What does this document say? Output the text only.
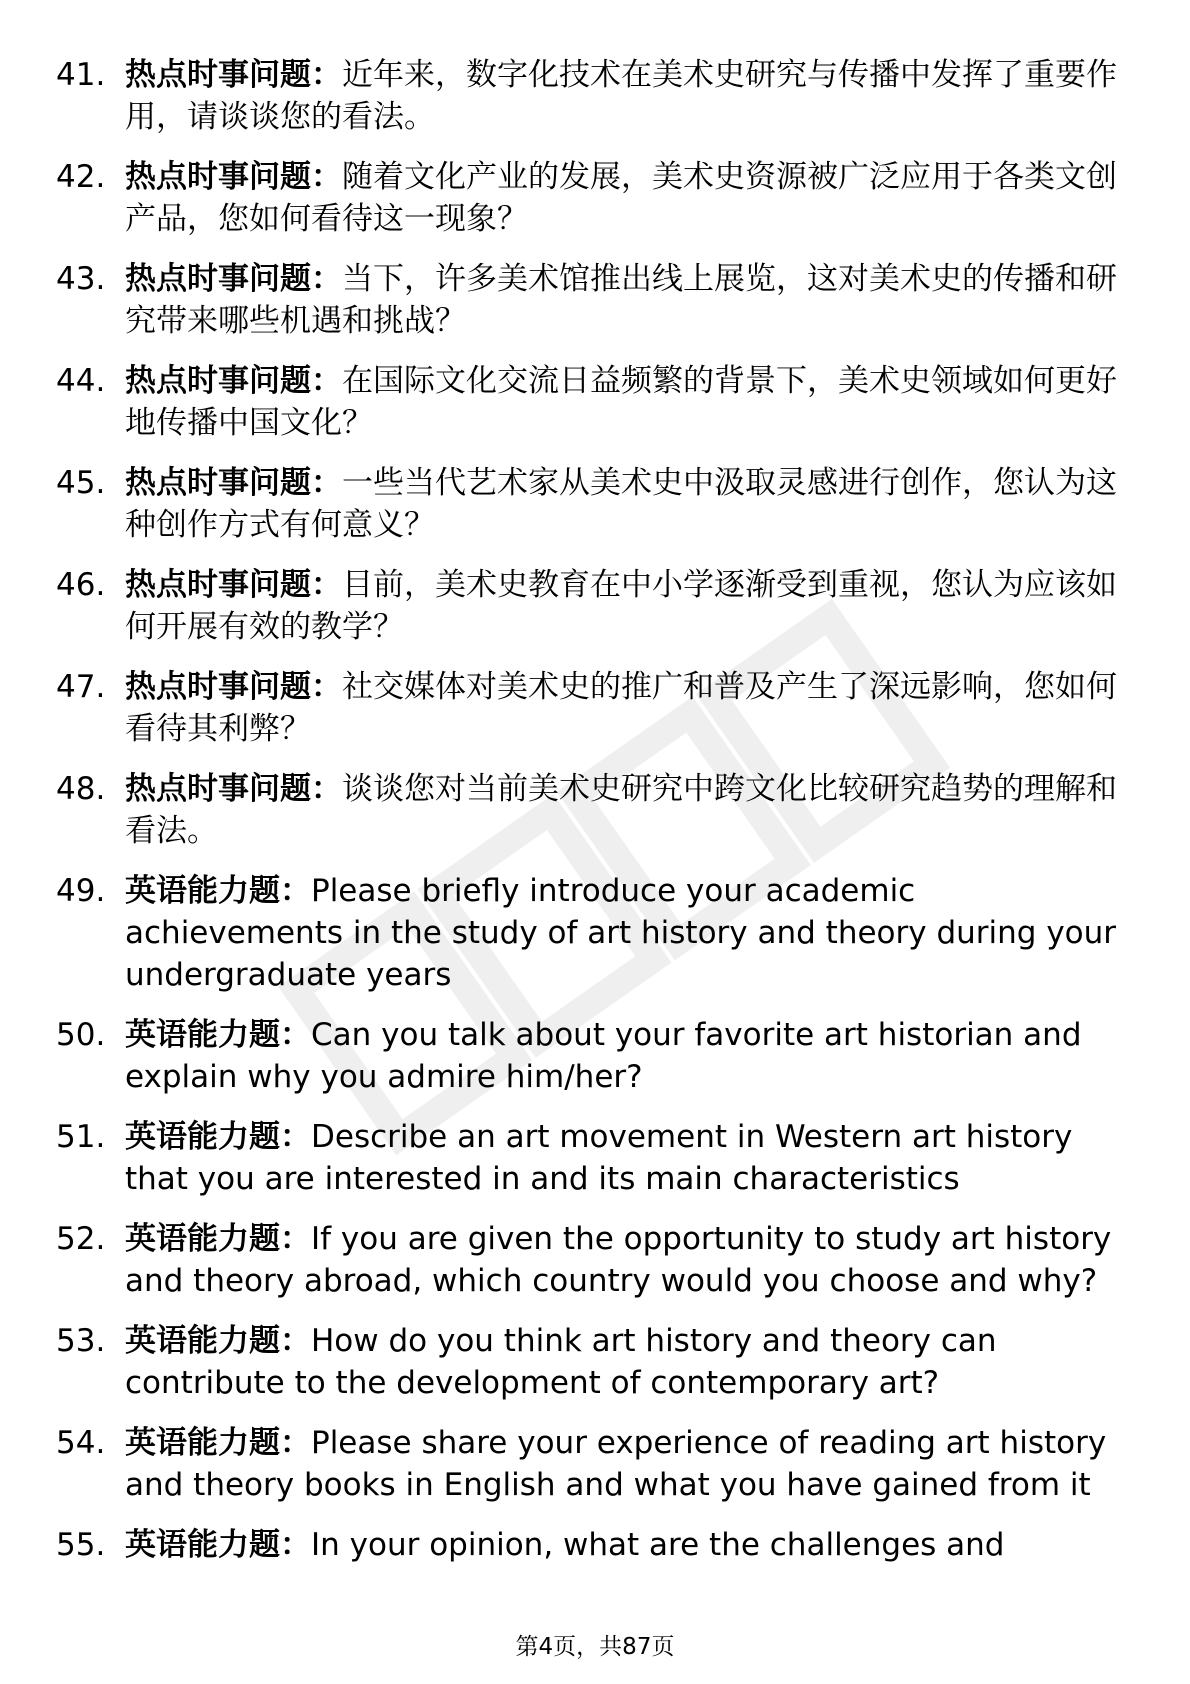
41. 热点时事问题：近年来，数字化技术在美术史研究与传播中发挥了重要作用，请谈谈您的看法。
42. 热点时事问题：随着文化产业的发展，美术史资源被广泛应用于各类文创产品，您如何看待这一现象？
43. 热点时事问题：当下，许多美术馆推出线上展览，这对美术史的传播和研究带来哪些机遇和挑战？
44. 热点时事问题：在国际文化交流日益频繁的背景下，美术史领域如何更好地传播中国文化？
45. 热点时事问题：一些当代艺术家从美术史中汲取灵感进行创作，您认为这种创作方式有何意义？
46. 热点时事问题：目前，美术史教育在中小学逐渐受到重视，您认为应该如何开展有效的教学？
47. 热点时事问题：社交媒体对美术史的推广和普及产生了深远影响，您如何看待其利弊？
48. 热点时事问题：谈谈您对当前美术史研究中跨文化比较研究趋势的理解和看法。
49. 英语能力题：Please briefly introduce your academic achievements in the study of art history and theory during your undergraduate years
50. 英语能力题：Can you talk about your favorite art historian and explain why you admire him/her?
51. 英语能力题：Describe an art movement in Western art history that you are interested in and its main characteristics
52. 英语能力题：If you are given the opportunity to study art history and theory abroad, which country would you choose and why?
53. 英语能力题：How do you think art history and theory can contribute to the development of contemporary art?
54. 英语能力题：Please share your experience of reading art history and theory books in English and what you have gained from it
55. 英语能力题：In your opinion, what are the challenges and
第4页，共87页
